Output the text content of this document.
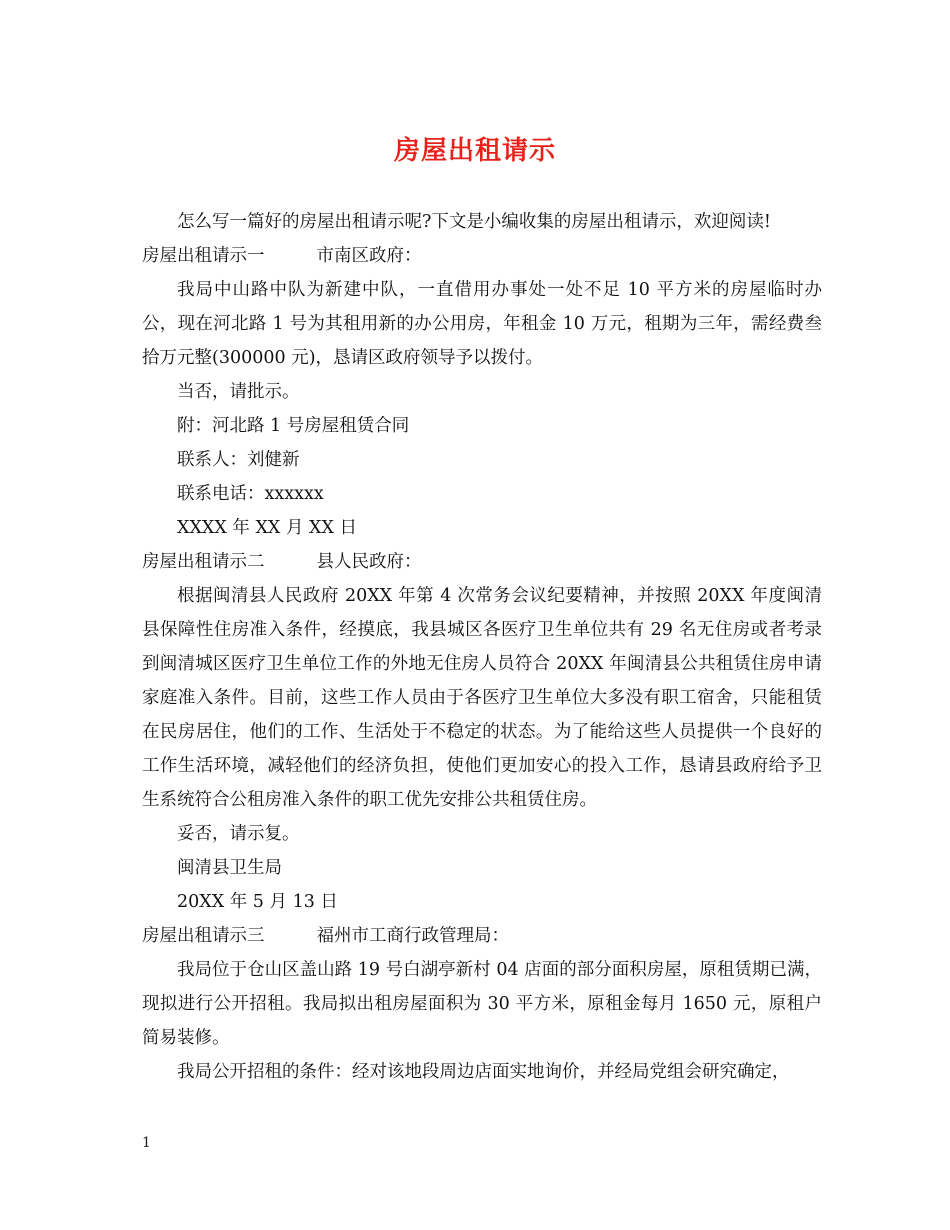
房屋出租请示

怎么写一篇好的房屋出租请示呢?下文是小编收集的房屋出租请示，欢迎阅读!

房屋出租请示一	市南区政府：

我局中山路中队为新建中队，一直借用办事处一处不足 10 平方米的房屋临时办公，现在河北路 1 号为其租用新的办公用房，年租金 10 万元，租期为三年，需经费叁拾万元整(300000 元)，恳请区政府领导予以拨付。

当否，请批示。

附：河北路 1 号房屋租赁合同

联系人：刘健新

联系电话：xxxxxx

XXXX 年 XX 月 XX 日

房屋出租请示二	县人民政府：

根据闽清县人民政府 20XX 年第 4 次常务会议纪要精神，并按照 20XX 年度闽清县保障性住房准入条件，经摸底，我县城区各医疗卫生单位共有 29 名无住房或者考录到闽清城区医疗卫生单位工作的外地无住房人员符合 20XX 年闽清县公共租赁住房申请家庭准入条件。目前，这些工作人员由于各医疗卫生单位大多没有职工宿舍，只能租赁在民房居住，他们的工作、生活处于不稳定的状态。为了能给这些人员提供一个良好的工作生活环境，减轻他们的经济负担，使他们更加安心的投入工作，恳请县政府给予卫生系统符合公租房准入条件的职工优先安排公共租赁住房。

妥否，请示复。

闽清县卫生局

20XX 年 5 月 13 日

房屋出租请示三	福州市工商行政管理局：

我局位于仓山区盖山路 19 号白湖亭新村 04 店面的部分面积房屋，原租赁期已满，现拟进行公开招租。我局拟出租房屋面积为 30 平方米，原租金每月 1650 元，原租户简易装修。

我局公开招租的条件：经对该地段周边店面实地询价，并经局党组会研究确定，

1
